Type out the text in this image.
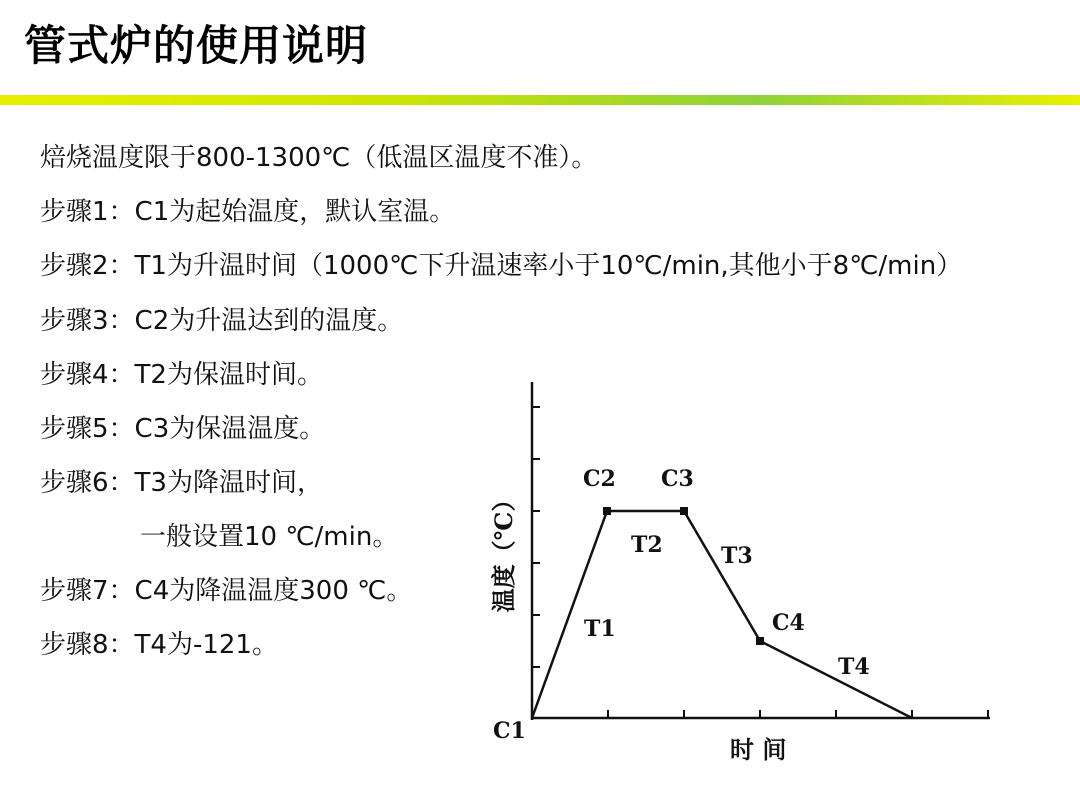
管式炉的使用说明
焙烧温度限于800-1300℃（低温区温度不准）。
步骤1：C1为起始温度，默认室温。
步骤2：T1为升温时间（1000℃下升温速率小于10℃/min,其他小于8℃/min）
步骤3：C2为升温达到的温度。
步骤4：T2为保温时间。
步骤5：C3为保温温度。
步骤6：T3为降温时间，
一般设置10 ℃/min。
步骤7：C4为降温温度300 ℃。
步骤8：T4为-121。
C2 C3
T2	T3
T1	C4
T4
C1
时 间
温度（℃）
